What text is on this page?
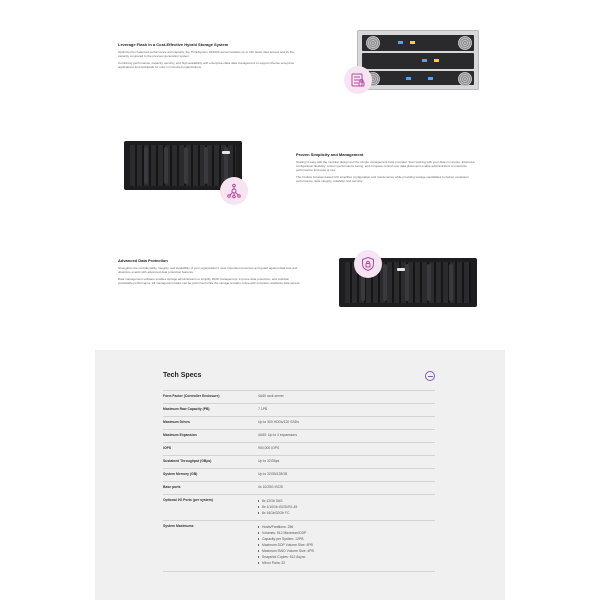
Leverage Flash in a Cost-Effective Hybrid Storage System
Optimized for balanced performance and capacity, the ThinkSystem DF4000 accommodates up to 220 faster data access and 2x the capacity compared to the previous generation system.
Combining performance, capacity, security, and high availability with enterprise-class data management to support diverse enterprise applications and workloads for units in mid-sized organizations.
Proven Simplicity and Management
Scaling is easy with the modular design and the simple management tools provided. Start working with your data in minutes. Extensive configuration flexibility, custom performance tuning, and complete control over data placement enable administrators to maximize performance and ease of use.
The intuitive browser-based GUI simplifies configuration and maintenance while providing storage capabilities to deliver consistent performance, data integrity, reliability, and security.
Advanced Data Protection
Strengthen the confidentiality, integrity, and availability of your organization's most important resources and guard against data loss and downtime events with advanced data protection features.
Data management software enables storage administrators to simplify RAID management, improve data protection, and maintain predictable performance. All management tasks can be performed while the storage remains online with complete read/write data access.
Tech Specs
Form Factor (Controller Enclosure)	4U60 rack server
Maximum Raw Capacity (PB)	7.1PB
Maximum Drives	Up to 300 HDDs/120 SSDs
Maximum Expansion	4U60: Up to 4 expansions
IOPS	900,000 IOPS
Sustained Throughput (GBps)	Up to 32GBps
System Memory (GB)	Up to 32GB/128GB
Base ports	4x 10/25G iSCSI
Optional I/O Ports (per system)	8x 12Gb SAS
8x 1/10Gb iSCSI/RJ-45
8x 16Gb/32Gb FC
System Maximums	Hosts/Partitions: 256
Volumes: 512 Maximum/DDP
Capacity per System: 12PB
Maximum DDP Volume Size: 4PB
Maximum RAID Volume Size: 4PB
Snapshot Copies: 512 Async
Mirror Pairs: 32
